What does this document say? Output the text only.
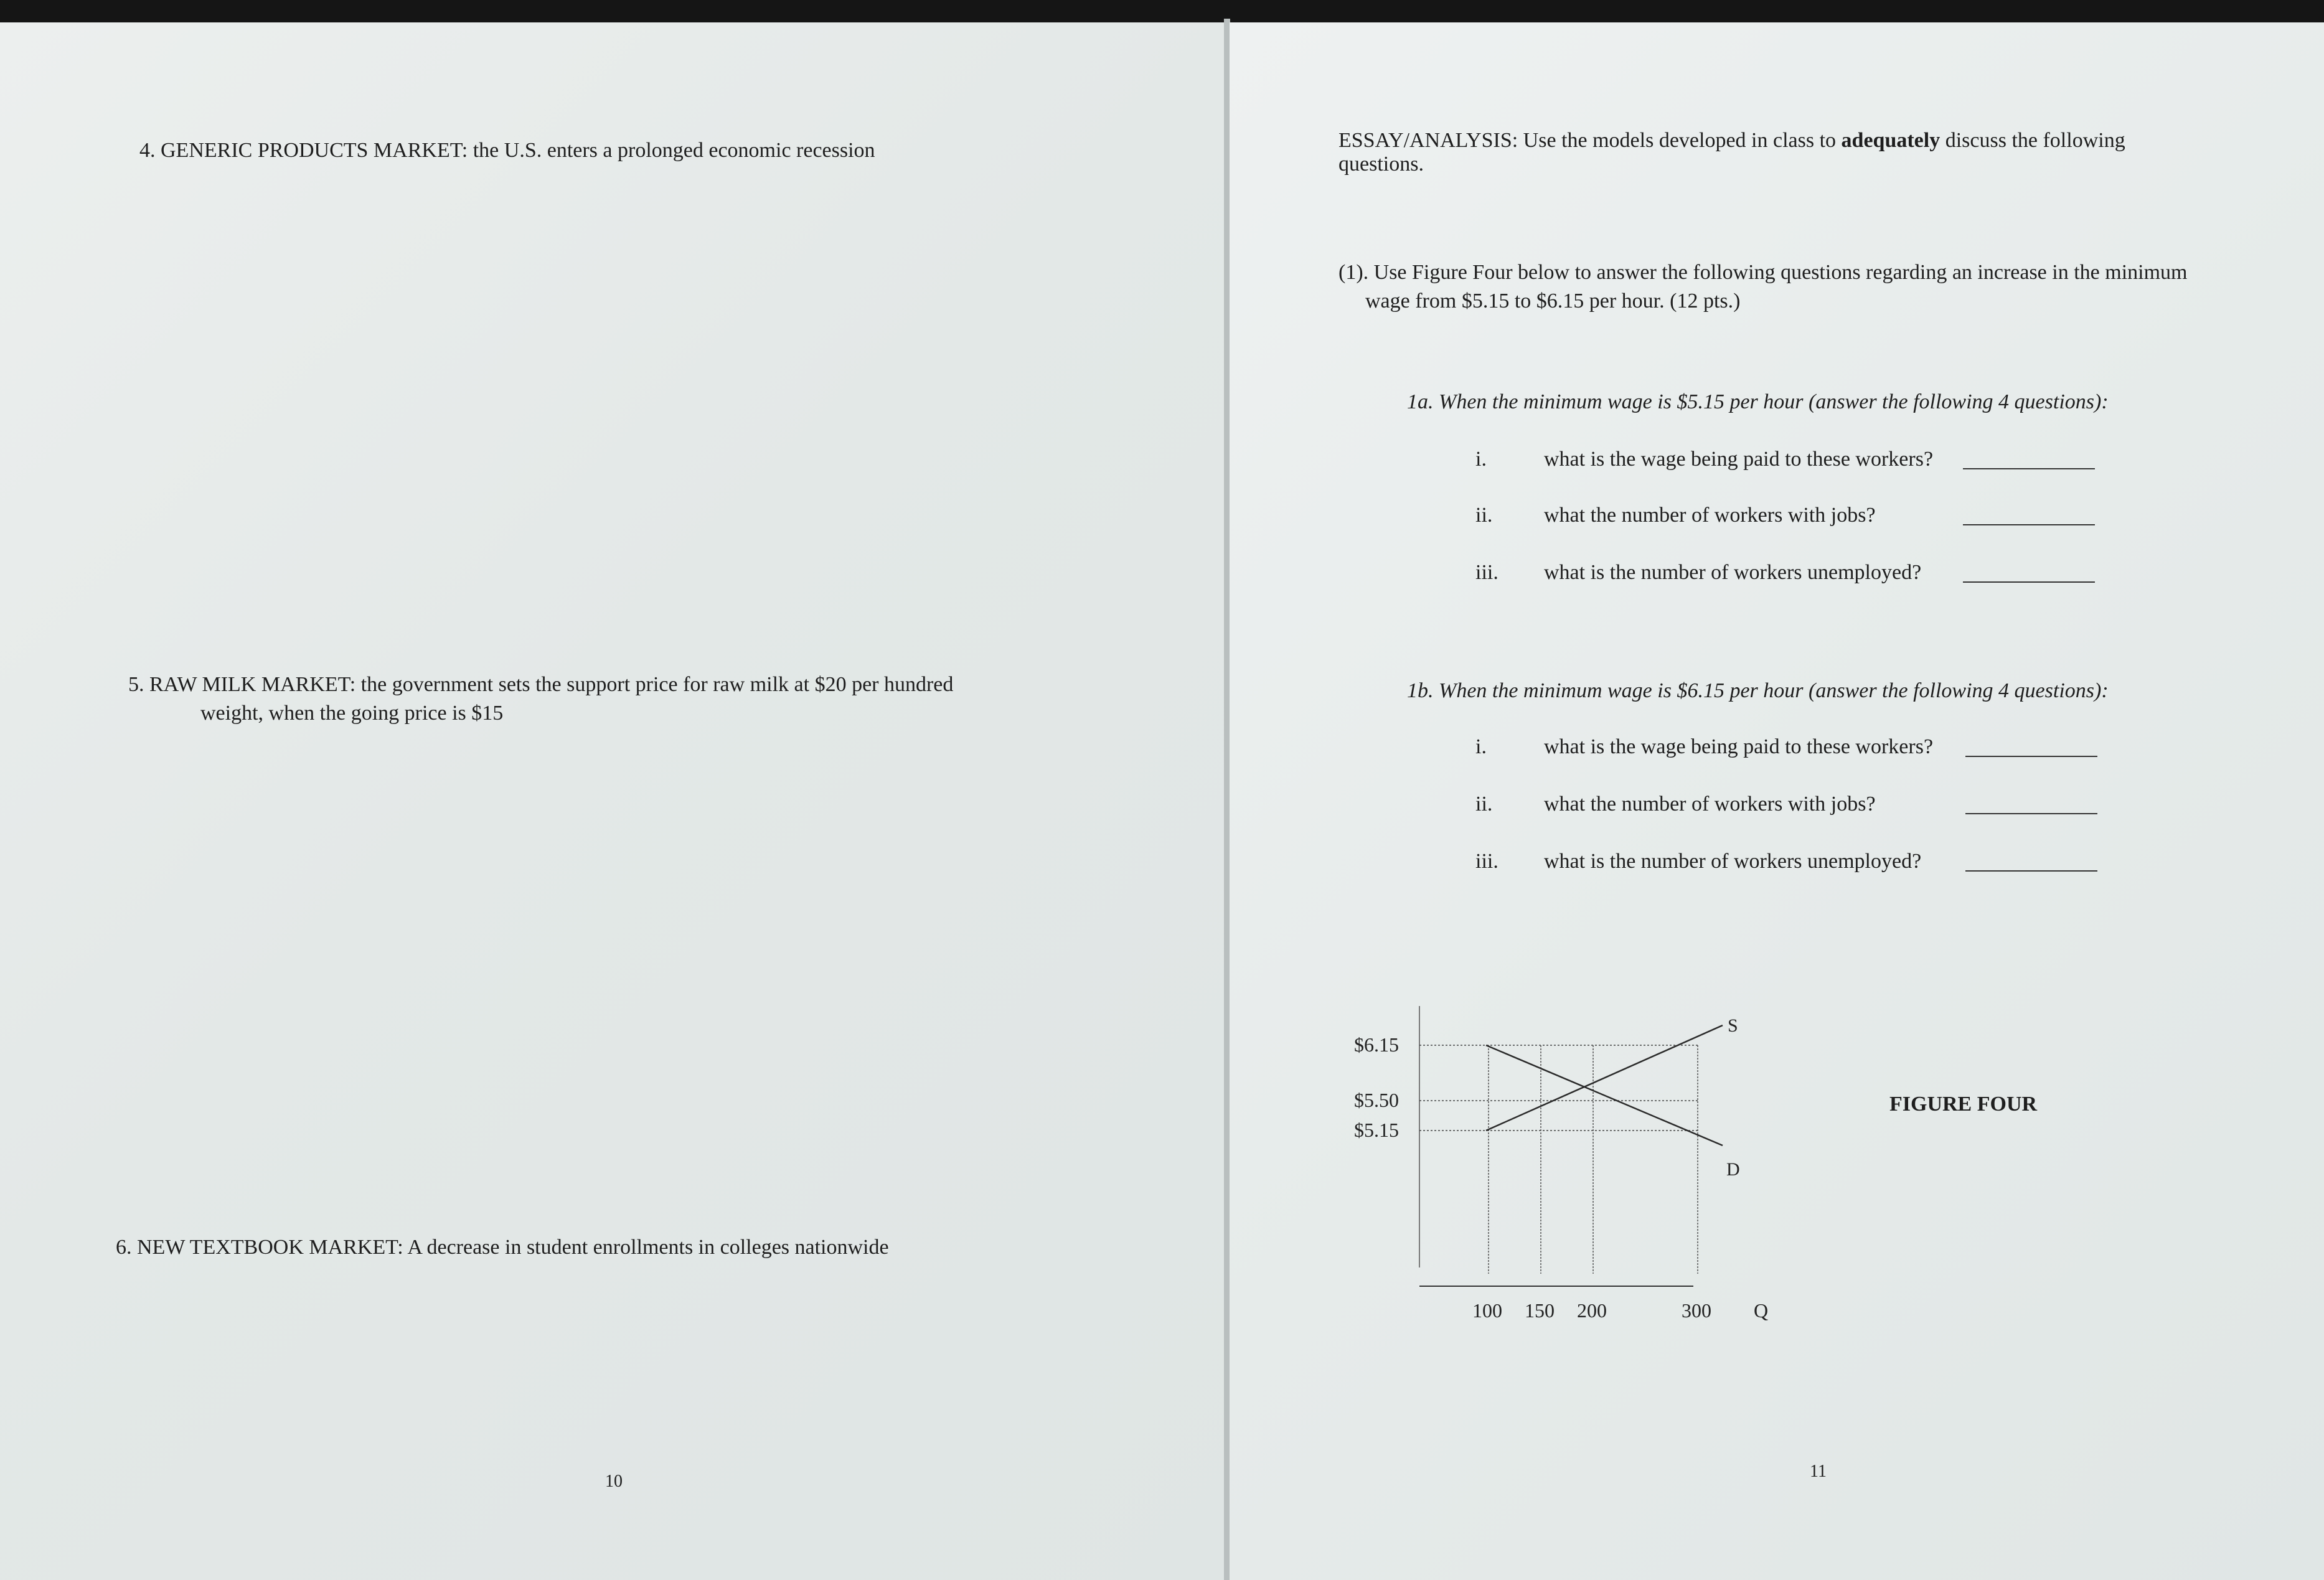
4. GENERIC PRODUCTS MARKET: the U.S. enters a prolonged economic recession
5. RAW MILK MARKET: the government sets the support price for raw milk at $20 per hundred
weight, when the going price is $15
6. NEW TEXTBOOK MARKET: A decrease in student enrollments in colleges nationwide
10
ESSAY/ANALYSIS: Use the models developed in class to adequately discuss the following
questions.
(1). Use Figure Four below to answer the following questions regarding an increase in the minimum
wage from $5.15 to $6.15 per hour. (12 pts.)
1a. When the minimum wage is $5.15 per hour (answer the following 4 questions):
i.	what is the wage being paid to these workers?
ii. what the number of workers with jobs?
iii. what is the number of workers unemployed?
1b. When the minimum wage is $6.15 per hour (answer the following 4 questions):
i.	what is the wage being paid to these workers?
ii. what the number of workers with jobs?
iii. what is the number of workers unemployed?
FIGURE FOUR
S
D
$6.15
$5.50
$5.15
100 150 200	300 Q
11
